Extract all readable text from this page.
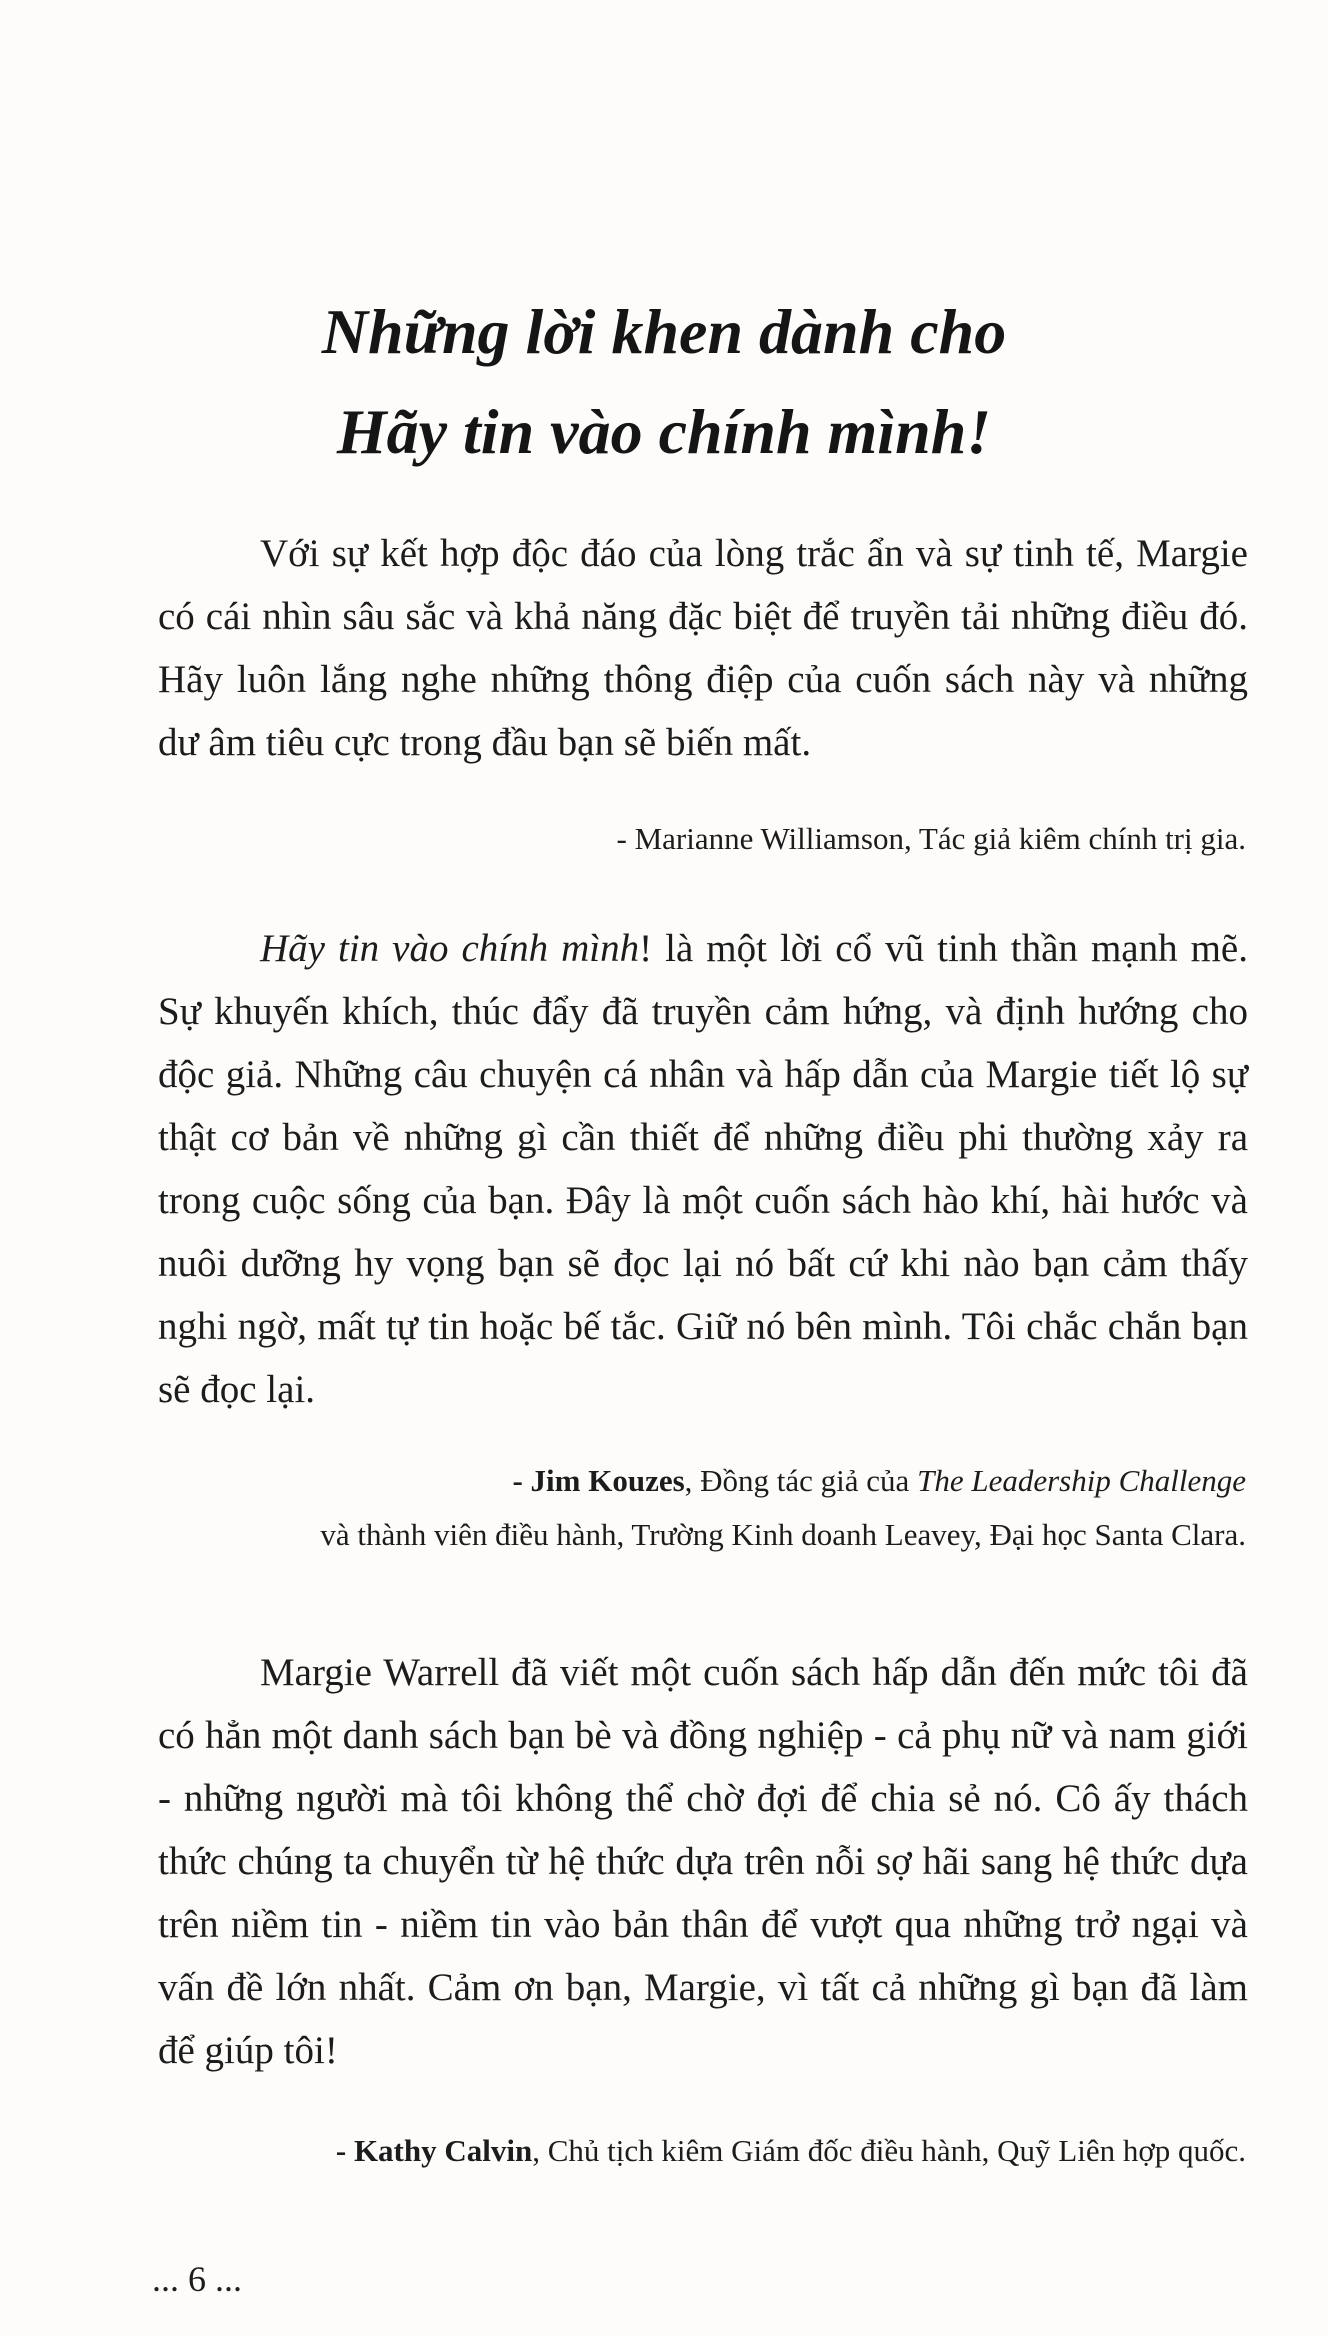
Những lời khen dành cho
Hãy tin vào chính mình!

Với sự kết hợp độc đáo của lòng trắc ẩn và sự tinh tế, Margie có cái nhìn sâu sắc và khả năng đặc biệt để truyền tải những điều đó. Hãy luôn lắng nghe những thông điệp của cuốn sách này và những dư âm tiêu cực trong đầu bạn sẽ biến mất.

- Marianne Williamson, Tác giả kiêm chính trị gia.

Hãy tin vào chính mình! là một lời cổ vũ tinh thần mạnh mẽ. Sự khuyến khích, thúc đẩy đã truyền cảm hứng, và định hướng cho độc giả. Những câu chuyện cá nhân và hấp dẫn của Margie tiết lộ sự thật cơ bản về những gì cần thiết để những điều phi thường xảy ra trong cuộc sống của bạn. Đây là một cuốn sách hào khí, hài hước và nuôi dưỡng hy vọng bạn sẽ đọc lại nó bất cứ khi nào bạn cảm thấy nghi ngờ, mất tự tin hoặc bế tắc. Giữ nó bên mình. Tôi chắc chắn bạn sẽ đọc lại.

- Jim Kouzes, Đồng tác giả của The Leadership Challenge
và thành viên điều hành, Trường Kinh doanh Leavey, Đại học Santa Clara.

Margie Warrell đã viết một cuốn sách hấp dẫn đến mức tôi đã có hẳn một danh sách bạn bè và đồng nghiệp - cả phụ nữ và nam giới - những người mà tôi không thể chờ đợi để chia sẻ nó. Cô ấy thách thức chúng ta chuyển từ hệ thức dựa trên nỗi sợ hãi sang hệ thức dựa trên niềm tin - niềm tin vào bản thân để vượt qua những trở ngại và vấn đề lớn nhất. Cảm ơn bạn, Margie, vì tất cả những gì bạn đã làm để giúp tôi!

- Kathy Calvin, Chủ tịch kiêm Giám đốc điều hành, Quỹ Liên hợp quốc.
... 6 ...
